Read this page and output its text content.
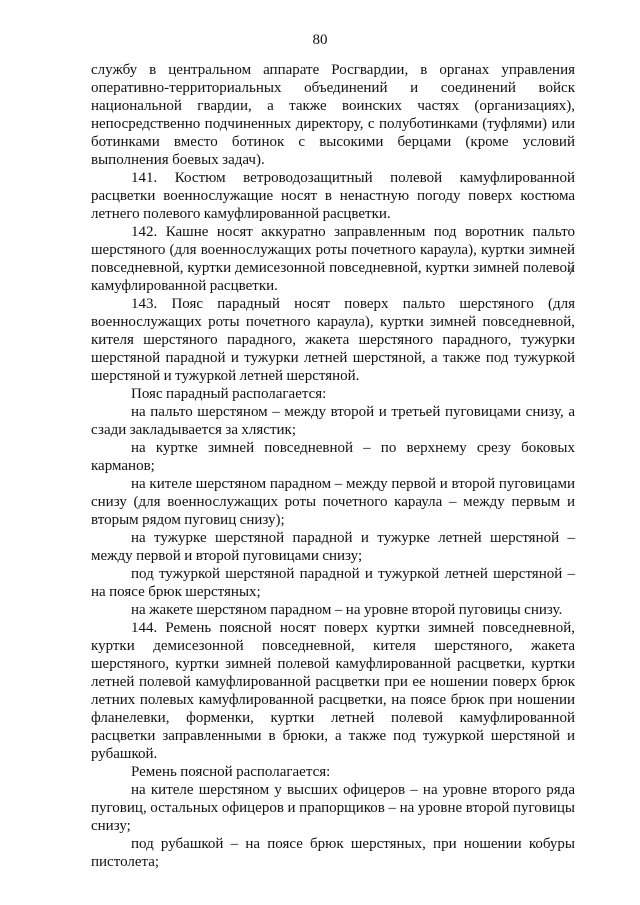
80

службу в центральном аппарате Росгвардии, в органах управления оперативно-территориальных объединений и соединений войск национальной гвардии, а также воинских частях (организациях), непосредственно подчиненных директору, с полуботинками (туфлями) или ботинками вместо ботинок с высокими берцами (кроме условий выполнения боевых задач).

141. Костюм ветроводозащитный полевой камуфлированной расцветки военнослужащие носят в ненастную погоду поверх костюма летнего полевого камуфлированной расцветки.

142. Кашне носят аккуратно заправленным под воротник пальто шерстяного (для военнослужащих роты почетного караула), куртки зимней повседневной, куртки демисезонной повседневной, куртки зимней полевой камуфлированной расцветки.

143. Пояс парадный носят поверх пальто шерстяного (для военнослужащих роты почетного караула), куртки зимней повседневной, кителя шерстяного парадного, жакета шерстяного парадного, тужурки шерстяной парадной и тужурки летней шерстяной, а также под тужуркой шерстяной и тужуркой летней шерстяной.

Пояс парадный располагается:

на пальто шерстяном – между второй и третьей пуговицами снизу, а сзади закладывается за хлястик;

на куртке зимней повседневной – по верхнему срезу боковых карманов;

на кителе шерстяном парадном – между первой и второй пуговицами снизу (для военнослужащих роты почетного караула – между первым и вторым рядом пуговиц снизу);

на тужурке шерстяной парадной и тужурке летней шерстяной – между первой и второй пуговицами снизу;

под тужуркой шерстяной парадной и тужуркой летней шерстяной – на поясе брюк шерстяных;

на жакете шерстяном парадном – на уровне второй пуговицы снизу.

144. Ремень поясной носят поверх куртки зимней повседневной, куртки демисезонной повседневной, кителя шерстяного, жакета шерстяного, куртки зимней полевой камуфлированной расцветки, куртки летней полевой камуфлированной расцветки при ее ношении поверх брюк летних полевых камуфлированной расцветки, на поясе брюк при ношении фланелевки, форменки, куртки летней полевой камуфлированной расцветки заправленными в брюки, а также под тужуркой шерстяной и рубашкой.

Ремень поясной располагается:

на кителе шерстяном у высших офицеров – на уровне второго ряда пуговиц, остальных офицеров и прапорщиков – на уровне второй пуговицы снизу;

под рубашкой – на поясе брюк шерстяных, при ношении кобуры пистолета;
